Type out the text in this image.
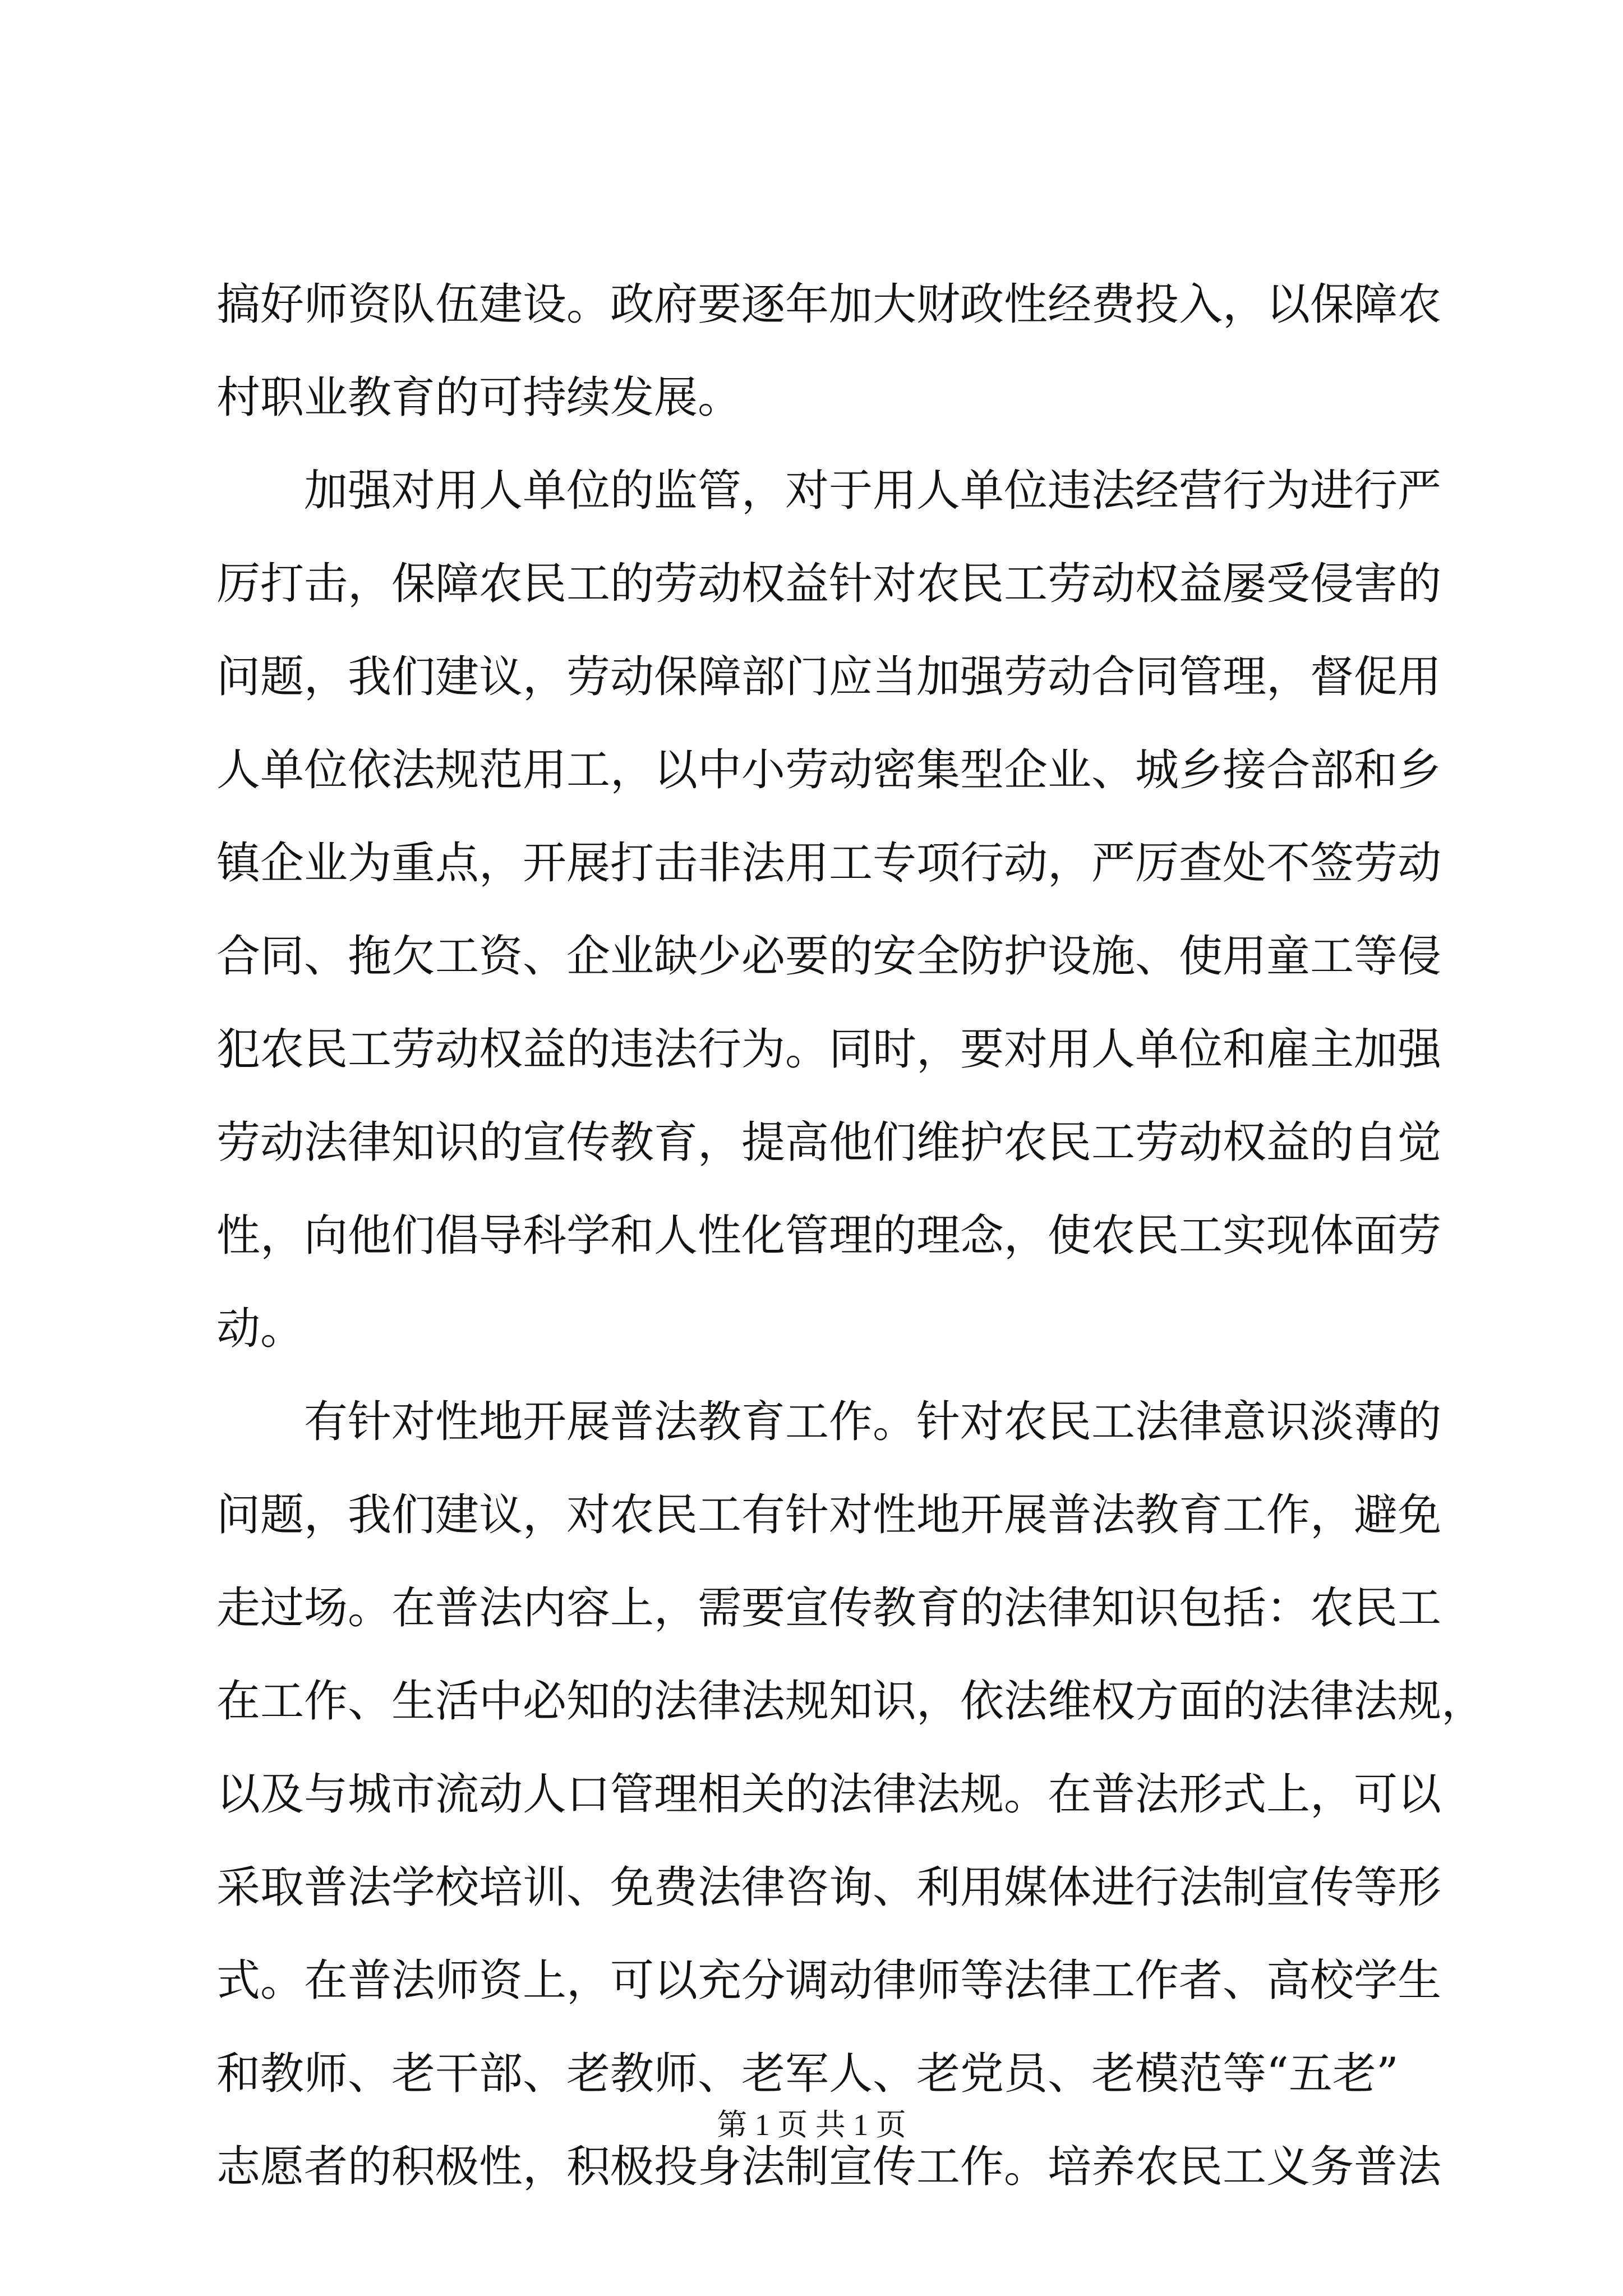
搞好师资队伍建设。政府要逐年加大财政性经费投入，以保障农
村职业教育的可持续发展。
加强对用人单位的监管，对于用人单位违法经营行为进行严
厉打击，保障农民工的劳动权益针对农民工劳动权益屡受侵害的
问题，我们建议，劳动保障部门应当加强劳动合同管理，督促用
人单位依法规范用工，以中小劳动密集型企业、城乡接合部和乡
镇企业为重点，开展打击非法用工专项行动，严厉查处不签劳动
合同、拖欠工资、企业缺少必要的安全防护设施、使用童工等侵
犯农民工劳动权益的违法行为。同时，要对用人单位和雇主加强
劳动法律知识的宣传教育，提高他们维护农民工劳动权益的自觉
性，向他们倡导科学和人性化管理的理念，使农民工实现体面劳
动。
有针对性地开展普法教育工作。针对农民工法律意识淡薄的
问题，我们建议，对农民工有针对性地开展普法教育工作，避免
走过场。在普法内容上，需要宣传教育的法律知识包括：农民工
在工作、生活中必知的法律法规知识，依法维权方面的法律法规，
以及与城市流动人口管理相关的法律法规。在普法形式上，可以
采取普法学校培训、免费法律咨询、利用媒体进行法制宣传等形
式。在普法师资上，可以充分调动律师等法律工作者、高校学生
和教师、老干部、老教师、老军人、老党员、老模范等“五老”
志愿者的积极性，积极投身法制宣传工作。培养农民工义务普法
第 1 页 共 1 页
